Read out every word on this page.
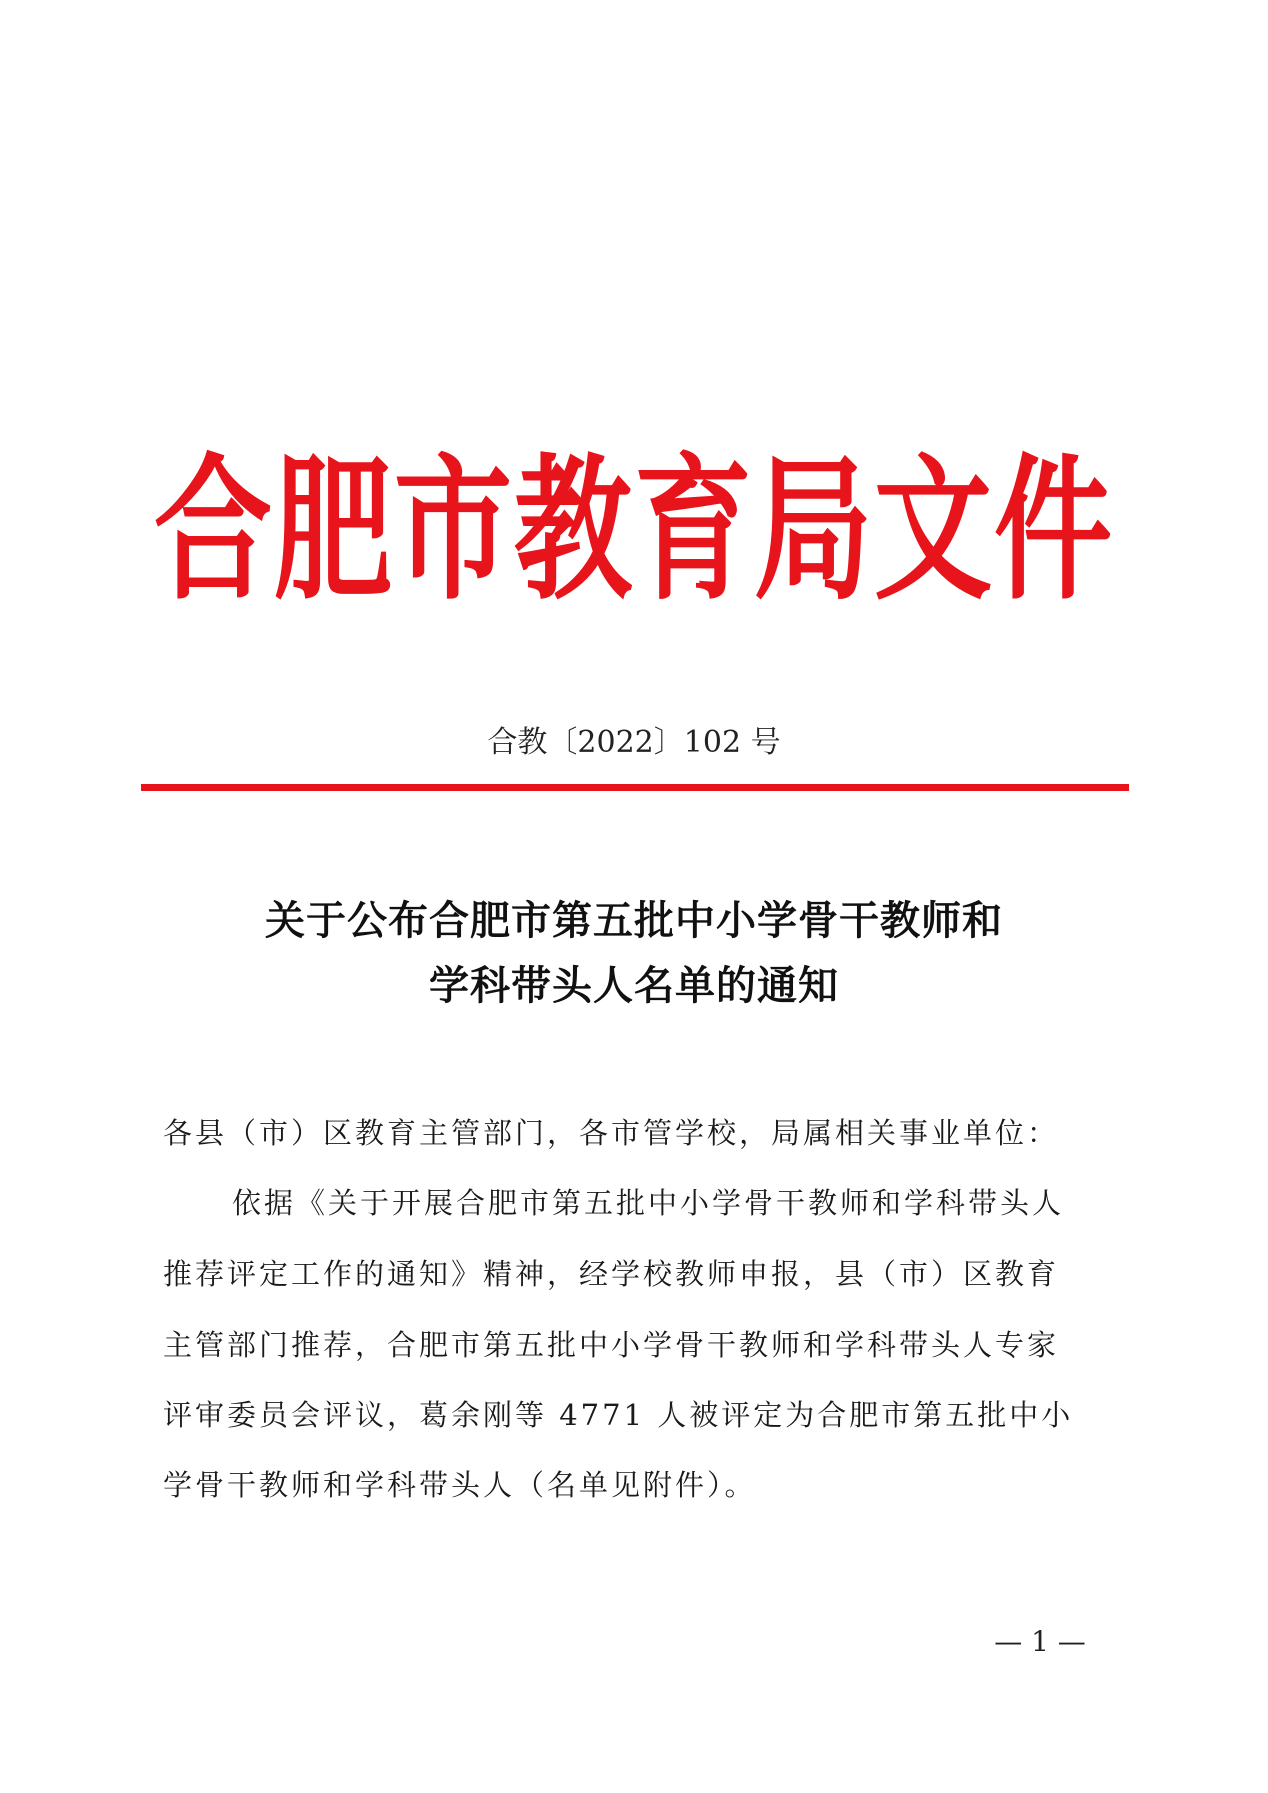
合肥市教育局文件
合教〔2022〕102 号
关于公布合肥市第五批中小学骨干教师和
学科带头人名单的通知
各县（市）区教育主管部门，各市管学校，局属相关事业单位：
依据《关于开展合肥市第五批中小学骨干教师和学科带头人
推荐评定工作的通知》精神，经学校教师申报，县（市）区教育
主管部门推荐，合肥市第五批中小学骨干教师和学科带头人专家
评审委员会评议，葛余刚等 4771 人被评定为合肥市第五批中小
学骨干教师和学科带头人（名单见附件）。
— 1 —
